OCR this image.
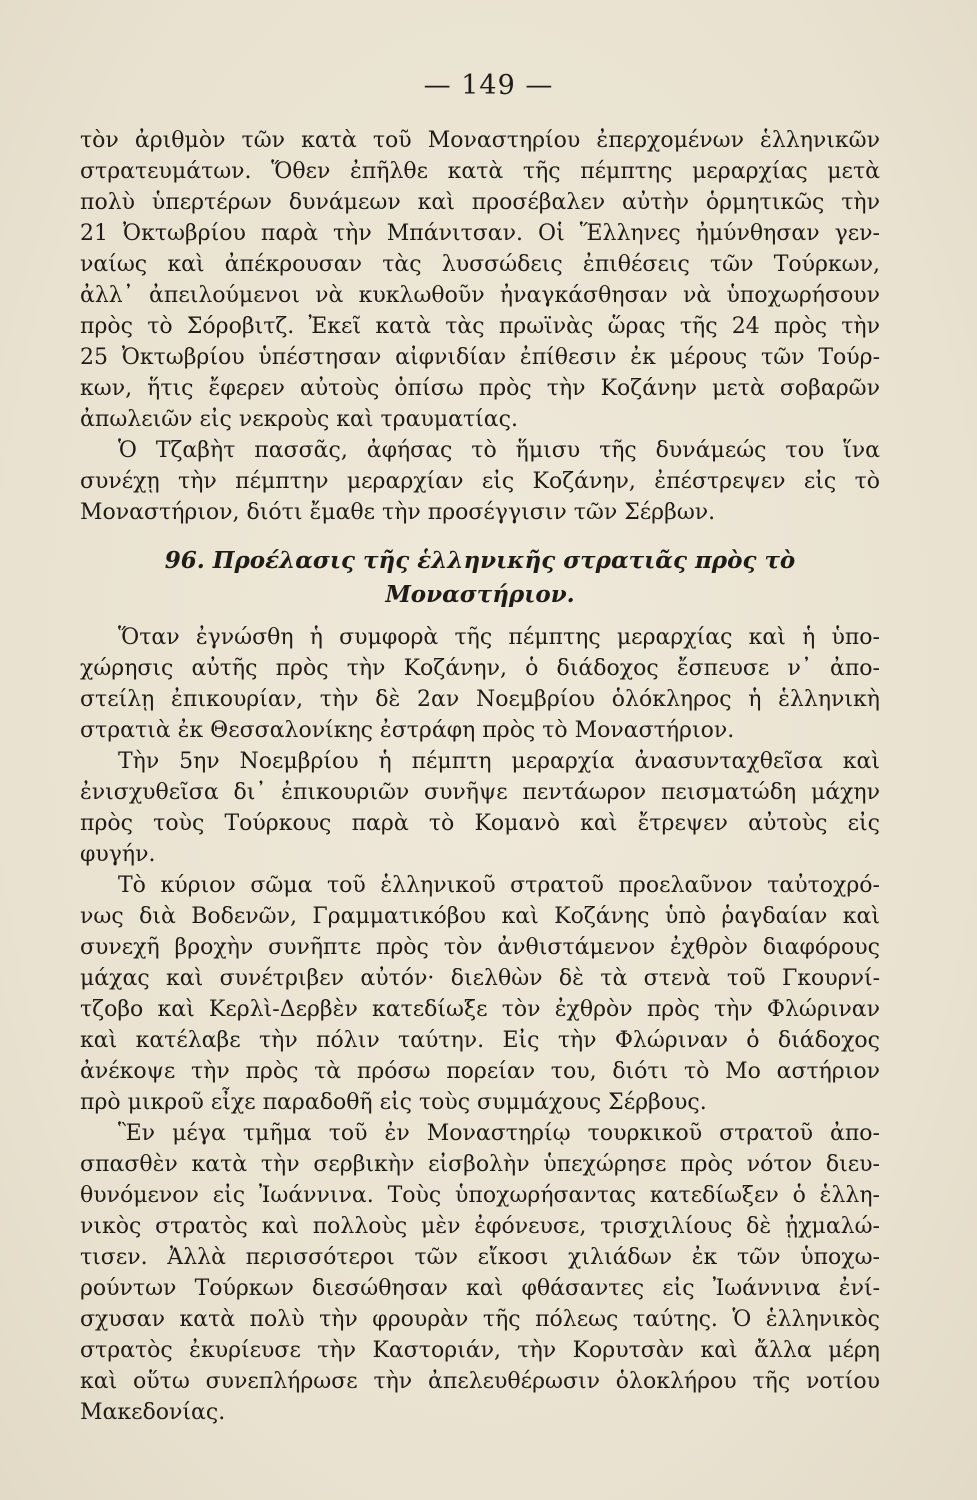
— 149 —
τὸν ἀριθμὸν τῶν κατὰ τοῦ Μοναστηρίου ἐπερχομένων ἑλληνικῶν
στρατευμάτων. Ὅθεν ἐπῆλθε κατὰ τῆς πέμπτης μεραρχίας μετὰ
πολὺ ὑπερτέρων δυνάμεων καὶ προσέβαλεν αὐτὴν ὁρμητικῶς τὴν
21 Ὀκτωβρίου παρὰ τὴν Μπάνιτσαν. Οἱ Ἕλληνες ἠμύνθησαν γεν-
ναίως καὶ ἀπέκρουσαν τὰς λυσσώδεις ἐπιθέσεις τῶν Τούρκων,
ἀλλ᾽ ἀπειλούμενοι νὰ κυκλωθοῦν ἠναγκάσθησαν νὰ ὑποχωρήσουν
πρὸς τὸ Σόροβιτζ. Ἐκεῖ κατὰ τὰς πρωϊνὰς ὥρας τῆς 24 πρὸς τὴν
25 Ὀκτωβρίου ὑπέστησαν αἰφνιδίαν ἐπίθεσιν ἐκ μέρους τῶν Τούρ-
κων, ἥτις ἔφερεν αὐτοὺς ὀπίσω πρὸς τὴν Κοζάνην μετὰ σοβαρῶν
ἀπωλειῶν εἰς νεκροὺς καὶ τραυματίας.
Ὁ Τζαβὴτ πασσᾶς, ἀφήσας τὸ ἥμισυ τῆς δυνάμεώς του ἵνα
συνέχῃ τὴν πέμπτην μεραρχίαν εἰς Κοζάνην, ἐπέστρεψεν εἰς τὸ
Μοναστήριον, διότι ἔμαθε τὴν προσέγγισιν τῶν Σέρβων.
96. Προέλασις τῆς ἑλληνικῆς στρατιᾶς πρὸς τὸ
Μοναστήριον.
Ὅταν ἐγνώσθη ἡ συμφορὰ τῆς πέμπτης μεραρχίας καὶ ἡ ὑπο-
χώρησις αὐτῆς πρὸς τὴν Κοζάνην, ὁ διάδοχος ἔσπευσε ν᾽ ἀπο-
στείλῃ ἐπικουρίαν, τὴν δὲ 2αν Νοεμβρίου ὁλόκληρος ἡ ἑλληνικὴ
στρατιὰ ἐκ Θεσσαλονίκης ἐστράφη πρὸς τὸ Μοναστήριον.
Τὴν 5ην Νοεμβρίου ἡ πέμπτη μεραρχία ἀνασυνταχθεῖσα καὶ
ἐνισχυθεῖσα δι᾽ ἐπικουριῶν συνῆψε πεντάωρον πεισματώδη μάχην
πρὸς τοὺς Τούρκους παρὰ τὸ Κομανὸ καὶ ἔτρεψεν αὐτοὺς εἰς
φυγήν.
Τὸ κύριον σῶμα τοῦ ἑλληνικοῦ στρατοῦ προελαῦνον ταὐτοχρό-
νως διὰ Βοδενῶν, Γραμματικόβου καὶ Κοζάνης ὑπὸ ῥαγδαίαν καὶ
συνεχῆ βροχὴν συνῆπτε πρὸς τὸν ἀνθιστάμενον ἐχθρὸν διαφόρους
μάχας καὶ συνέτριβεν αὐτόν· διελθὼν δὲ τὰ στενὰ τοῦ Γκουρνί-
τζοβο καὶ Κερλὶ-Δερβὲν κατεδίωξε τὸν ἐχθρὸν πρὸς τὴν Φλώριναν
καὶ κατέλαβε τὴν πόλιν ταύτην. Εἰς τὴν Φλώριναν ὁ διάδοχος
ἀνέκοψε τὴν πρὸς τὰ πρόσω πορείαν του, διότι τὸ Μο αστήριον
πρὸ μικροῦ εἶχε παραδοθῆ εἰς τοὺς συμμάχους Σέρβους.
Ἓν μέγα τμῆμα τοῦ ἐν Μοναστηρίῳ τουρκικοῦ στρατοῦ ἀπο-
σπασθὲν κατὰ τὴν σερβικὴν εἰσβολὴν ὑπεχώρησε πρὸς νότον διευ-
θυνόμενον εἰς Ἰωάννινα. Τοὺς ὑποχωρήσαντας κατεδίωξεν ὁ ἑλλη-
νικὸς στρατὸς καὶ πολλοὺς μὲν ἐφόνευσε, τρισχιλίους δὲ ᾐχμαλώ-
τισεν. Ἀλλὰ περισσότεροι τῶν εἴκοσι χιλιάδων ἐκ τῶν ὑποχω-
ρούντων Τούρκων διεσώθησαν καὶ φθάσαντες εἰς Ἰωάννινα ἐνί-
σχυσαν κατὰ πολὺ τὴν φρουρὰν τῆς πόλεως ταύτης. Ὁ ἑλληνικὸς
στρατὸς ἐκυρίευσε τὴν Καστοριάν, τὴν Κορυτσὰν καὶ ἄλλα μέρη
καὶ οὕτω συνεπλήρωσε τὴν ἀπελευθέρωσιν ὁλοκλήρου τῆς νοτίου
Μακεδονίας.
